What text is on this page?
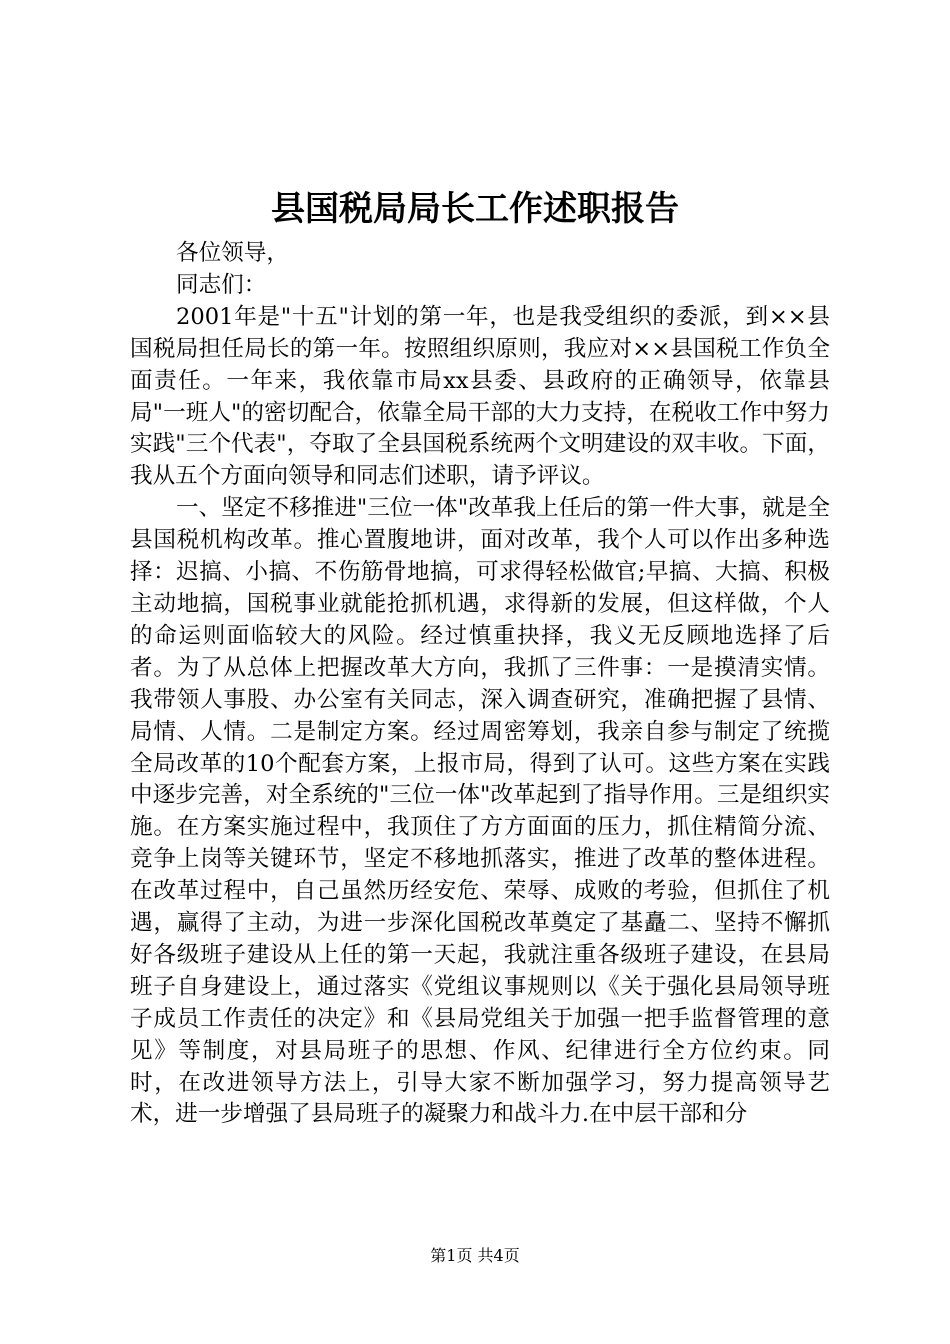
县国税局局长工作述职报告

各位领导，

同志们：

2001年是"十五"计划的第一年，也是我受组织的委派，到××县国税局担任局长的第一年。按照组织原则，我应对××县国税工作负全面责任。一年来，我依靠市局xx县委、县政府的正确领导，依靠县局"一班人"的密切配合，依靠全局干部的大力支持，在税收工作中努力实践"三个代表"，夺取了全县国税系统两个文明建设的双丰收。下面，我从五个方面向领导和同志们述职，请予评议。

一、坚定不移推进"三位一体"改革我上任后的第一件大事，就是全县国税机构改革。推心置腹地讲，面对改革，我个人可以作出多种选择：迟搞、小搞、不伤筋骨地搞，可求得轻松做官;早搞、大搞、积极主动地搞，国税事业就能抢抓机遇，求得新的发展，但这样做，个人的命运则面临较大的风险。经过慎重抉择，我义无反顾地选择了后者。为了从总体上把握改革大方向，我抓了三件事：一是摸清实情。我带领人事股、办公室有关同志，深入调查研究，准确把握了县情、局情、人情。二是制定方案。经过周密筹划，我亲自参与制定了统揽全局改革的10个配套方案，上报市局，得到了认可。这些方案在实践中逐步完善，对全系统的"三位一体"改革起到了指导作用。三是组织实施。在方案实施过程中，我顶住了方方面面的压力，抓住精简分流、竞争上岗等关键环节，坚定不移地抓落实，推进了改革的整体进程。在改革过程中，自己虽然历经安危、荣辱、成败的考验，但抓住了机遇，赢得了主动，为进一步深化国税改革奠定了基矗二、坚持不懈抓好各级班子建设从上任的第一天起，我就注重各级班子建设，在县局班子自身建设上，通过落实《党组议事规则以《关于强化县局领导班子成员工作责任的决定》和《县局党组关于加强一把手监督管理的意见》等制度，对县局班子的思想、作风、纪律进行全方位约束。同时，在改进领导方法上，引导大家不断加强学习，努力提高领导艺术，进一步增强了县局班子的凝聚力和战斗力.在中层干部和分

第1页 共4页
